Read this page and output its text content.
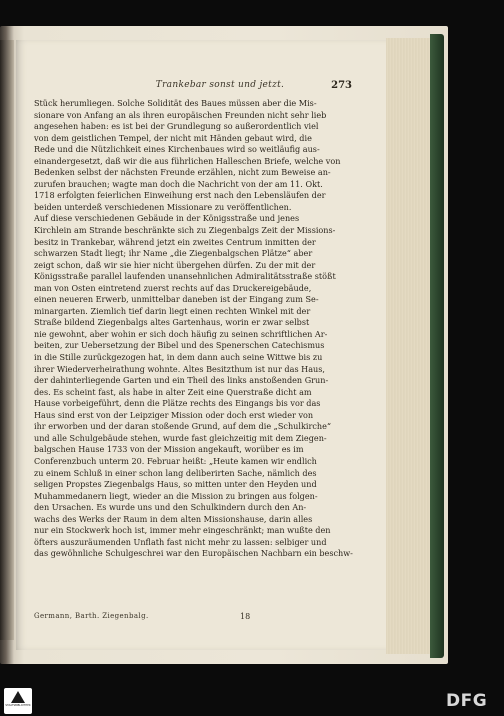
Trankebar sonst und jetzt.	273
Stück herumliegen. Solche Solidität des Baues müssen aber die Mis-
sionare von Anfang an als ihren europäischen Freunden nicht sehr lieb
angesehen haben: es ist bei der Grundlegung so außerordentlich viel
von dem geistlichen Tempel, der nicht mit Händen gebaut wird, die
Rede und die Nützlichkeit eines Kirchenbaues wird so weitläufig aus-
einandergesetzt, daß wir die aus führlichen Halleschen Briefe, welche von
Bedenken selbst der nächsten Freunde erzählen, nicht zum Beweise an-
zurufen brauchen; wagte man doch die Nachricht von der am 11. Okt.
1718 erfolgten feierlichen Einweihung erst nach den Lebensläufen der
beiden unterdeß verschiedenen Missionare zu veröffentlichen.
Auf diese verschiedenen Gebäude in der Königsstraße und jenes
Kirchlein am Strande beschränkte sich zu Ziegenbalgs Zeit der Missions-
besitz in Trankebar, während jetzt ein zweites Centrum inmitten der
schwarzen Stadt liegt; ihr Name „die Ziegenbalgschen Plätze“ aber
zeigt schon, daß wir sie hier nicht übergehen dürfen. Zu der mit der
Königsstraße parallel laufenden unansehnlichen Admiralitätsstraße stößt
man von Osten eintretend zuerst rechts auf das Druckereigebäude,
einen neueren Erwerb, unmittelbar daneben ist der Eingang zum Se-
minargarten. Ziemlich tief darin liegt einen rechten Winkel mit der
Straße bildend Ziegenbalgs altes Gartenhaus, worin er zwar selbst
nie gewohnt, aber wohin er sich doch häufig zu seinen schriftlichen Ar-
beiten, zur Uebersetzung der Bibel und des Spenerschen Catechismus
in die Stille zurückgezogen hat, in dem dann auch seine Wittwe bis zu
ihrer Wiederverheirathung wohnte. Altes Besitzthum ist nur das Haus,
der dahinterliegende Garten und ein Theil des links anstoßenden Grun-
des. Es scheint fast, als habe in alter Zeit eine Querstraße dicht am
Hause vorbeigeführt, denn die Plätze rechts des Eingangs bis vor das
Haus sind erst von der Leipziger Mission oder doch erst wieder von
ihr erworben und der daran stoßende Grund, auf dem die „Schulkirche“
und alle Schulgebäude stehen, wurde fast gleichzeitig mit dem Ziegen-
balgschen Hause 1733 von der Mission angekauft, worüber es im
Conferenzbuch unterm 20. Februar heißt: „Heute kamen wir endlich
zu einem Schluß in einer schon lang deliberirten Sache, nämlich des
seligen Propstes Ziegenbalgs Haus, so mitten unter den Heyden und
Muhammedanern liegt, wieder an die Mission zu bringen aus folgen-
den Ursachen. Es wurde uns und den Schulkindern durch den An-
wachs des Werks der Raum in dem alten Missionshause, darin alles
nur ein Stockwerk hoch ist, immer mehr eingeschränkt; man wußte den
öfters auszuräumenden Unflath fast nicht mehr zu lassen: selbiger und
das gewöhnliche Schulgeschrei war den Europäischen Nachbarn ein beschw-
Germann, Barth. Ziegenbalg.	18
STAATSBIBLIOTHEK	DFG
